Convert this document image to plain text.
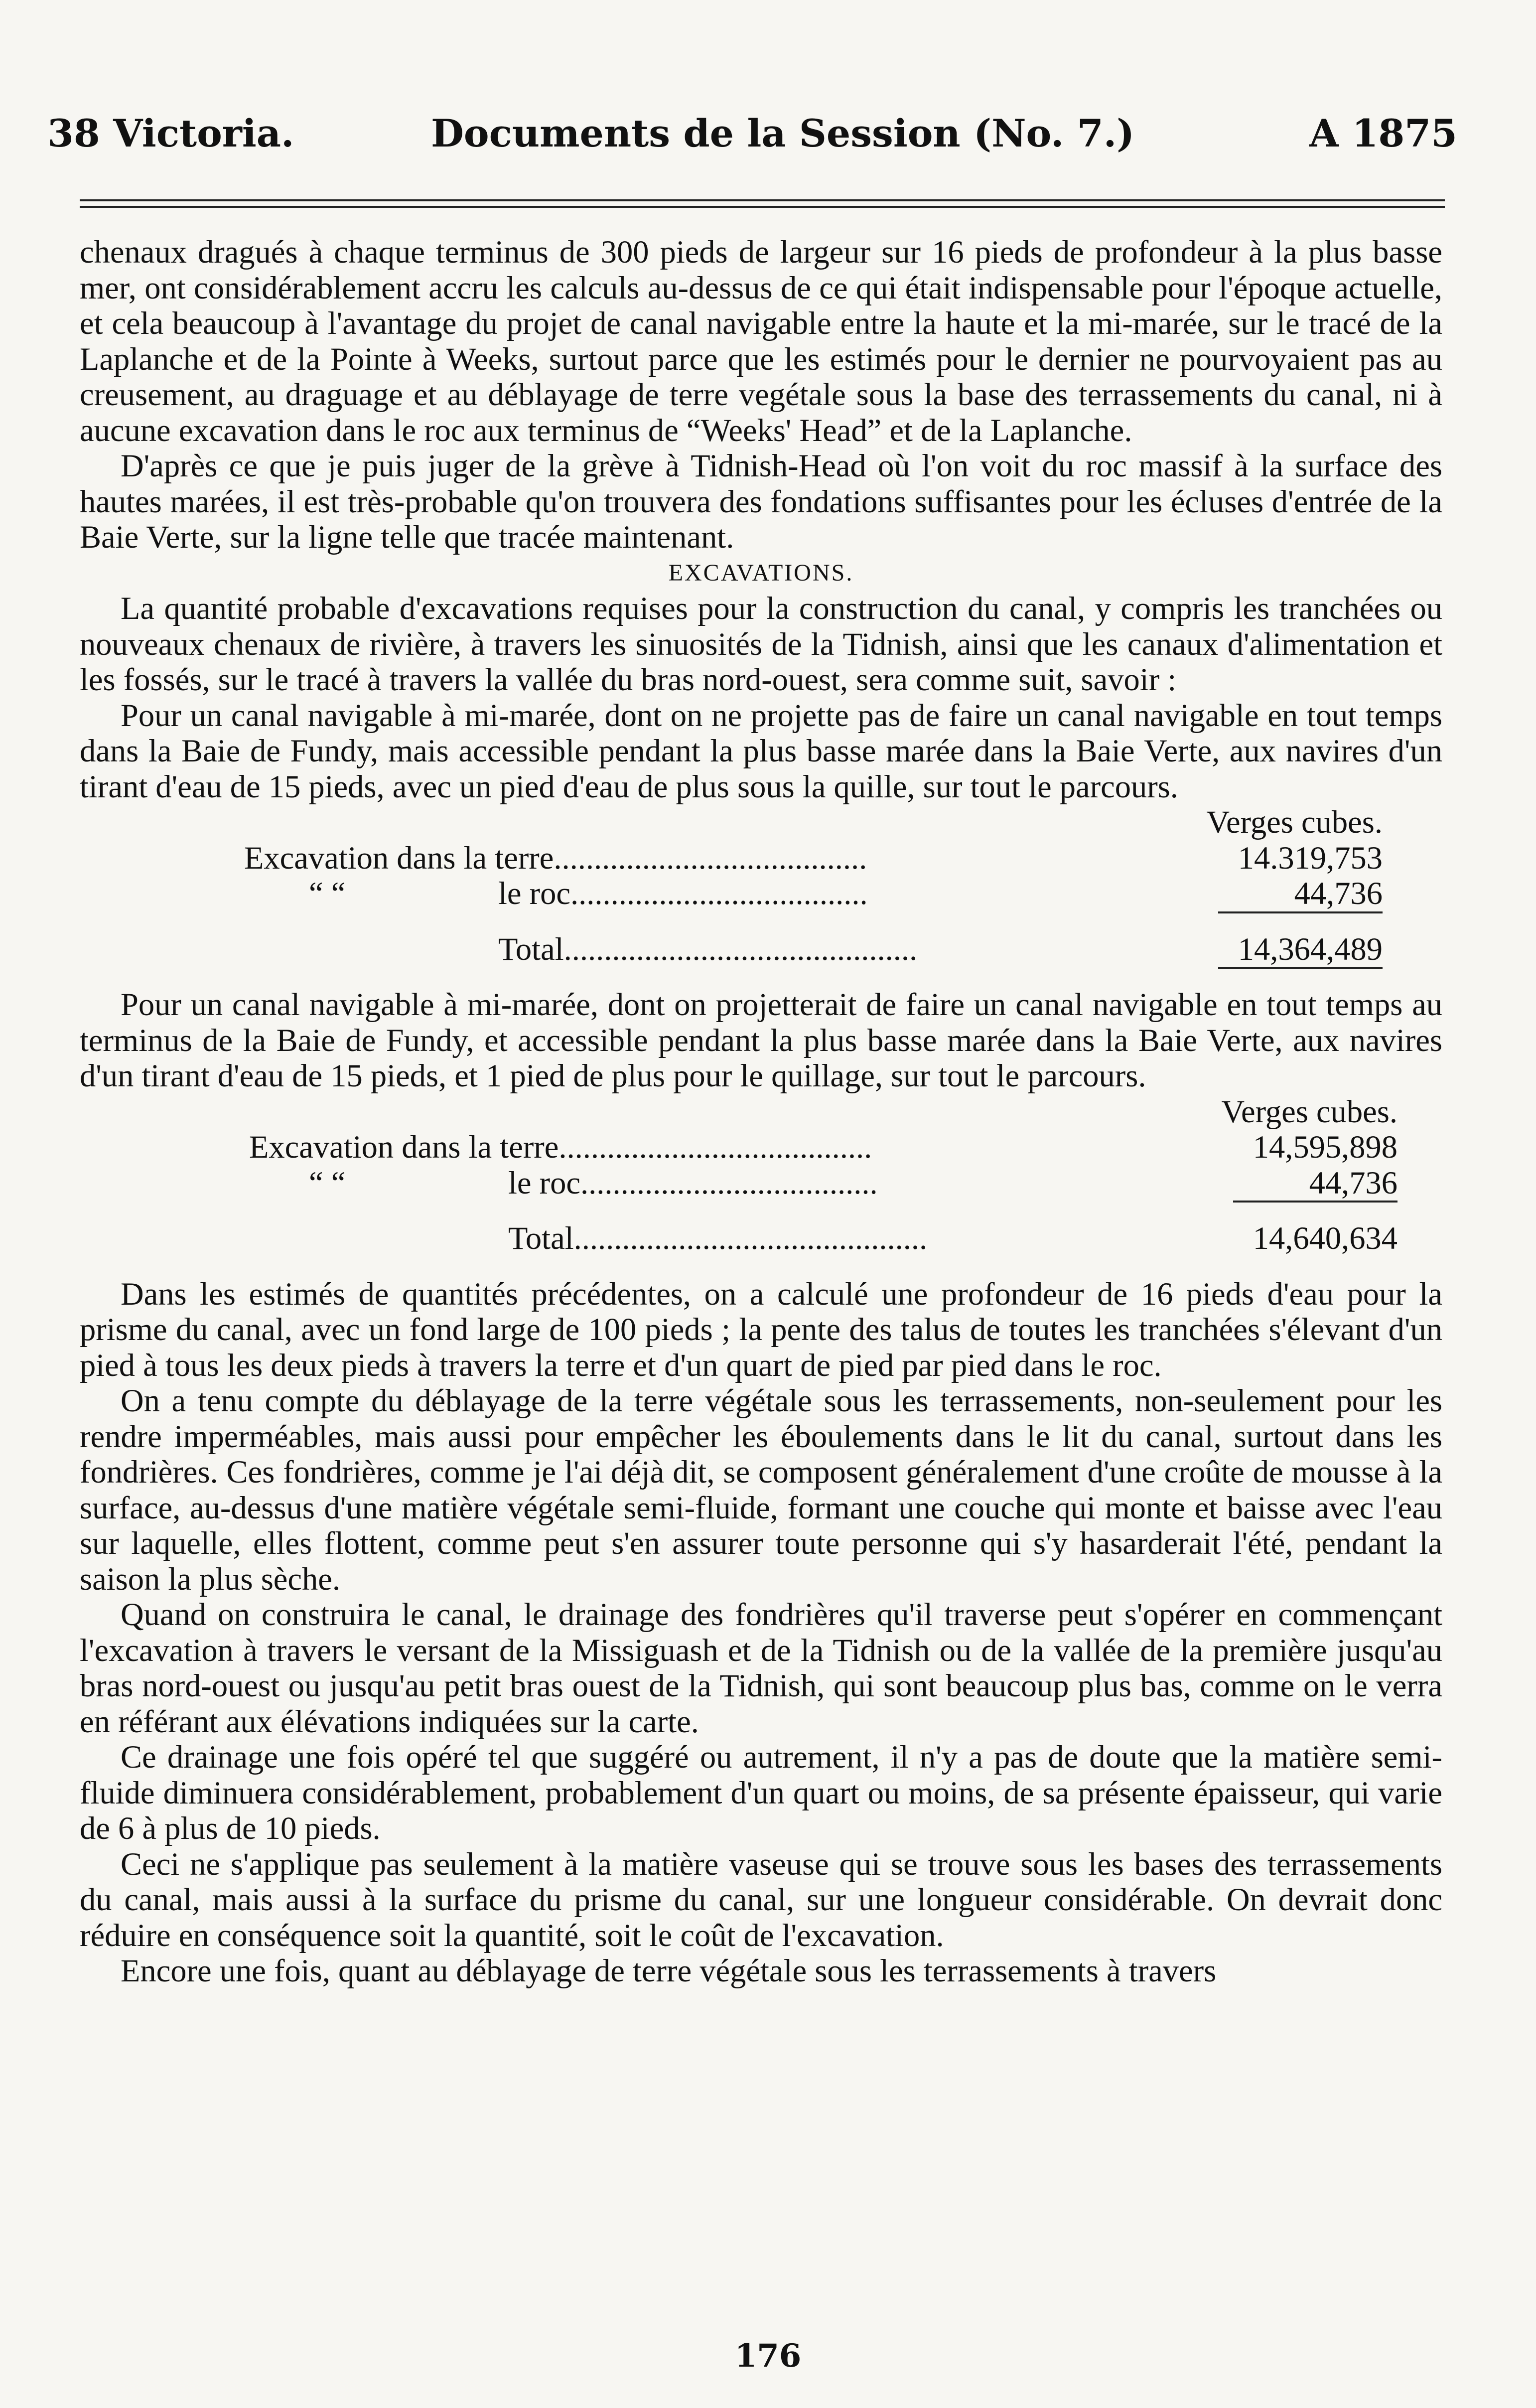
38 Victoria.	Documents de la Session (No. 7.)	A 1875

chenaux dragués à chaque terminus de 300 pieds de largeur sur 16 pieds de profondeur à la plus basse mer, ont considérablement accru les calculs au-dessus de ce qui était indispensable pour l'époque actuelle, et cela beaucoup à l'avantage du projet de canal navigable entre la haute et la mi-marée, sur le tracé de la Laplanche et de la Pointe à Weeks, surtout parce que les estimés pour le dernier ne pourvoyaient pas au creusement, au draguage et au déblayage de terre vegétale sous la base des terrassements du canal, ni à aucune excavation dans le roc aux terminus de “Weeks' Head” et de la Laplanche.

D'après ce que je puis juger de la grève à Tidnish-Head où l'on voit du roc massif à la surface des hautes marées, il est très-probable qu'on trouvera des fondations suffisantes pour les écluses d'entrée de la Baie Verte, sur la ligne telle que tracée maintenant.

EXCAVATIONS.

La quantité probable d'excavations requises pour la construction du canal, y compris les tranchées ou nouveaux chenaux de rivière, à travers les sinuosités de la Tidnish, ainsi que les canaux d'alimentation et les fossés, sur le tracé à travers la vallée du bras nord-ouest, sera comme suit, savoir :

Pour un canal navigable à mi-marée, dont on ne projette pas de faire un canal navigable en tout temps dans la Baie de Fundy, mais accessible pendant la plus basse marée dans la Baie Verte, aux navires d'un tirant d'eau de 15 pieds, avec un pied d'eau de plus sous la quille, sur tout le parcours.

Verges cubes.
Excavation dans la terre.......................................	14.319,753
“ “	le roc.....................................	44,736
Total............................................	14,364,489

Pour un canal navigable à mi-marée, dont on projetterait de faire un canal navigable en tout temps au terminus de la Baie de Fundy, et accessible pendant la plus basse marée dans la Baie Verte, aux navires d'un tirant d'eau de 15 pieds, et 1 pied de plus pour le quillage, sur tout le parcours.

Verges cubes.
Excavation dans la terre.......................................	14,595,898
“ “	le roc.....................................	44,736
Total............................................	14,640,634

Dans les estimés de quantités précédentes, on a calculé une profondeur de 16 pieds d'eau pour la prisme du canal, avec un fond large de 100 pieds ; la pente des talus de toutes les tranchées s'élevant d'un pied à tous les deux pieds à travers la terre et d'un quart de pied par pied dans le roc.

On a tenu compte du déblayage de la terre végétale sous les terrassements, non-seulement pour les rendre imperméables, mais aussi pour empêcher les éboulements dans le lit du canal, surtout dans les fondrières. Ces fondrières, comme je l'ai déjà dit, se composent généralement d'une croûte de mousse à la surface, au-dessus d'une matière végétale semi-fluide, formant une couche qui monte et baisse avec l'eau sur laquelle, elles flottent, comme peut s'en assurer toute personne qui s'y hasarderait l'été, pendant la saison la plus sèche.

Quand on construira le canal, le drainage des fondrières qu'il traverse peut s'opérer en commençant l'excavation à travers le versant de la Missiguash et de la Tidnish ou de la vallée de la première jusqu'au bras nord-ouest ou jusqu'au petit bras ouest de la Tidnish, qui sont beaucoup plus bas, comme on le verra en référant aux élévations indiquées sur la carte.

Ce drainage une fois opéré tel que suggéré ou autrement, il n'y a pas de doute que la matière semi-fluide diminuera considérablement, probablement d'un quart ou moins, de sa présente épaisseur, qui varie de 6 à plus de 10 pieds.

Ceci ne s'applique pas seulement à la matière vaseuse qui se trouve sous les bases des terrassements du canal, mais aussi à la surface du prisme du canal, sur une longueur considérable. On devrait donc réduire en conséquence soit la quantité, soit le coût de l'excavation.

Encore une fois, quant au déblayage de terre végétale sous les terrassements à travers

176
